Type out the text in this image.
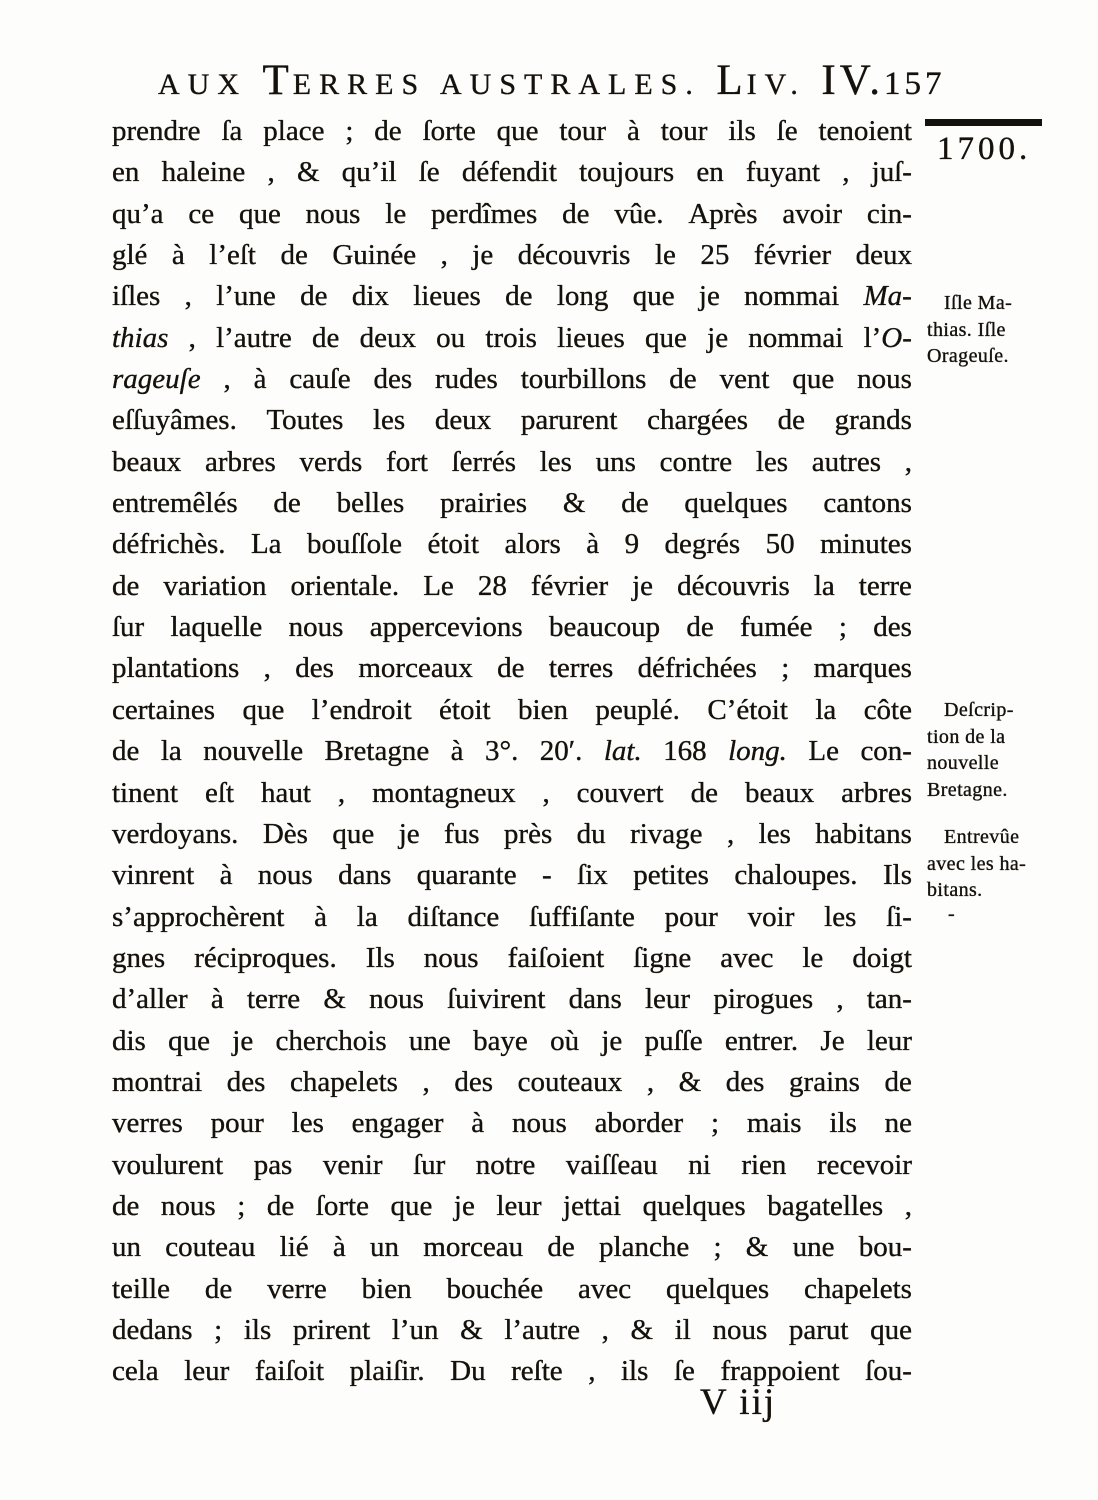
AUX TERRES AUSTRALES. LIV. IV. 157
prendre ſa place ; de ſorte que tour à tour ils ſe tenoient
en haleine , & qu’il ſe défendit toujours en fuyant , juſ-
qu’a ce que nous le perdîmes de vûe. Après avoir cin-
glé à l’eſt de Guinée , je découvris le 25 février deux
iſles , l’une de dix lieues de long que je nommai Ma-
thias , l’autre de deux ou trois lieues que je nommai l’O-
rageuſe , à cauſe des rudes tourbillons de vent que nous
eſſuyâmes. Toutes les deux parurent chargées de grands
beaux arbres verds fort ſerrés les uns contre les autres ,
entremêlés de belles prairies & de quelques cantons
défrichès. La bouſſole étoit alors à 9 degrés 50 minutes
de variation orientale. Le 28 février je découvris la terre
ſur laquelle nous appercevions beaucoup de fumée ; des
plantations , des morceaux de terres défrichées ; marques
certaines que l’endroit étoit bien peuplé. C’étoit la côte
de la nouvelle Bretagne à 3°. 20′. lat. 168 long. Le con-
tinent eſt haut , montagneux , couvert de beaux arbres
verdoyans. Dès que je fus près du rivage , les habitans
vinrent à nous dans quarante - ſix petites chaloupes. Ils
s’approchèrent à la diſtance ſuffiſante pour voir les ſi-
gnes réciproques. Ils nous faiſoient ſigne avec le doigt
d’aller à terre & nous ſuivirent dans leur pirogues , tan-
dis que je cherchois une baye où je puſſe entrer. Je leur
montrai des chapelets , des couteaux , & des grains de
verres pour les engager à nous aborder ; mais ils ne
voulurent pas venir ſur notre vaiſſeau ni rien recevoir
de nous ; de ſorte que je leur jettai quelques bagatelles ,
un couteau lié à un morceau de planche ; & une bou-
teille de verre bien bouchée avec quelques chapelets
dedans ; ils prirent l’un & l’autre , & il nous parut que
cela leur faiſoit plaiſir. Du reſte , ils ſe frappoient ſou-
V iij
1700.
Iſle Ma-
thias. Iſle
Orageuſe.
Deſcrip-
tion de la
nouvelle
Bretagne.
Entrevûe
avec les ha-
bitans.
-
